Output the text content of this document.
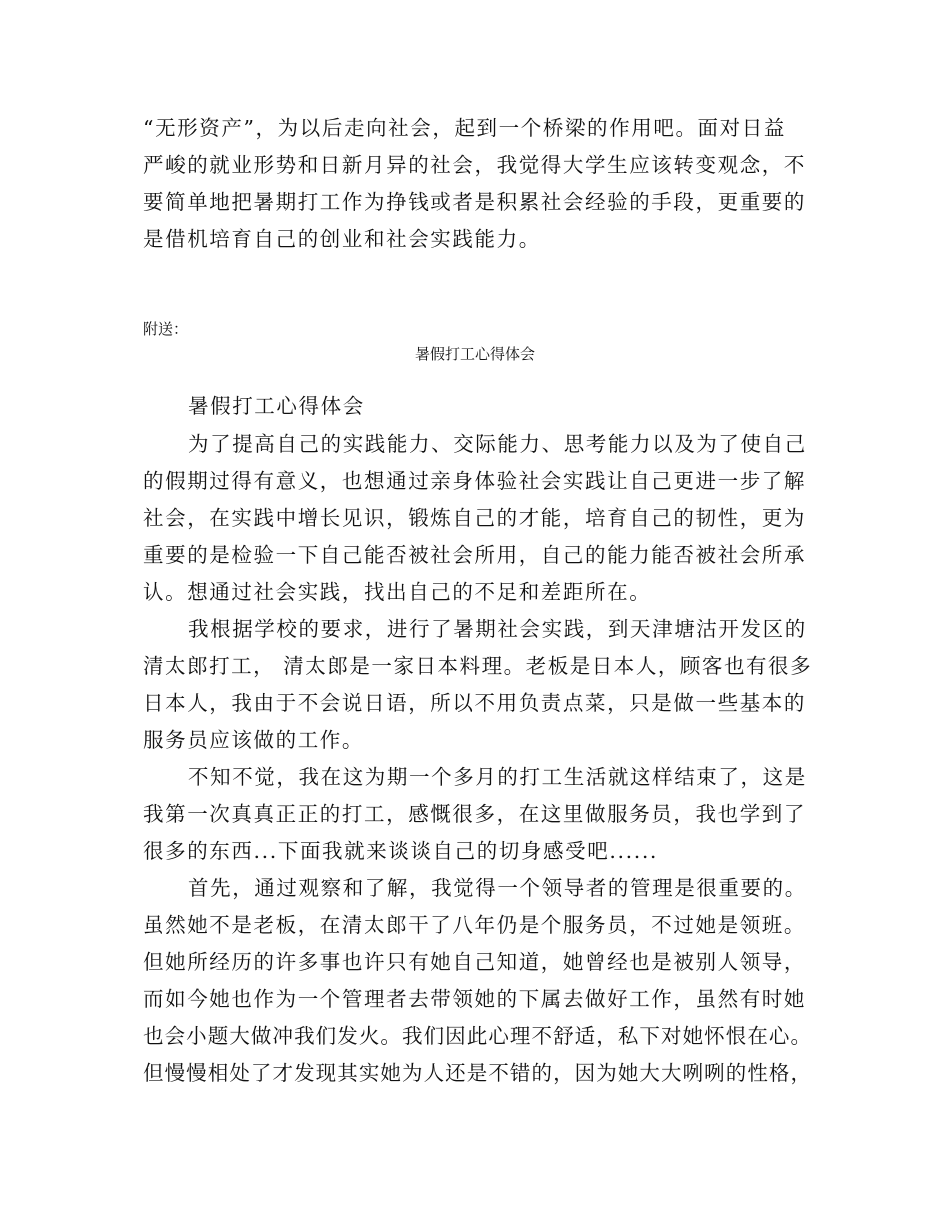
“无形资产”，为以后走向社会，起到一个桥梁的作用吧。面对日益
严峻的就业形势和日新月异的社会，我觉得大学生应该转变观念，不
要简单地把暑期打工作为挣钱或者是积累社会经验的手段，更重要的
是借机培育自己的创业和社会实践能力。
附送：
暑假打工心得体会
暑假打工心得体会
为了提高自己的实践能力、交际能力、思考能力以及为了使自己
的假期过得有意义，也想通过亲身体验社会实践让自己更进一步了解
社会，在实践中增长见识，锻炼自己的才能，培育自己的韧性，更为
重要的是检验一下自己能否被社会所用，自己的能力能否被社会所承
认。想通过社会实践，找出自己的不足和差距所在。
我根据学校的要求，进行了暑期社会实践，到天津塘沽开发区的
清太郎打工， 清太郎是一家日本料理。老板是日本人，顾客也有很多
日本人，我由于不会说日语，所以不用负责点菜，只是做一些基本的
服务员应该做的工作。
不知不觉，我在这为期一个多月的打工生活就这样结束了，这是
我第一次真真正正的打工，感慨很多，在这里做服务员，我也学到了
很多的东西...下面我就来谈谈自己的切身感受吧......
首先，通过观察和了解，我觉得一个领导者的管理是很重要的。
虽然她不是老板，在清太郎干了八年仍是个服务员，不过她是领班。
但她所经历的许多事也许只有她自己知道，她曾经也是被别人领导，
而如今她也作为一个管理者去带领她的下属去做好工作，虽然有时她
也会小题大做冲我们发火。我们因此心理不舒适，私下对她怀恨在心。
但慢慢相处了才发现其实她为人还是不错的，因为她大大咧咧的性格，
